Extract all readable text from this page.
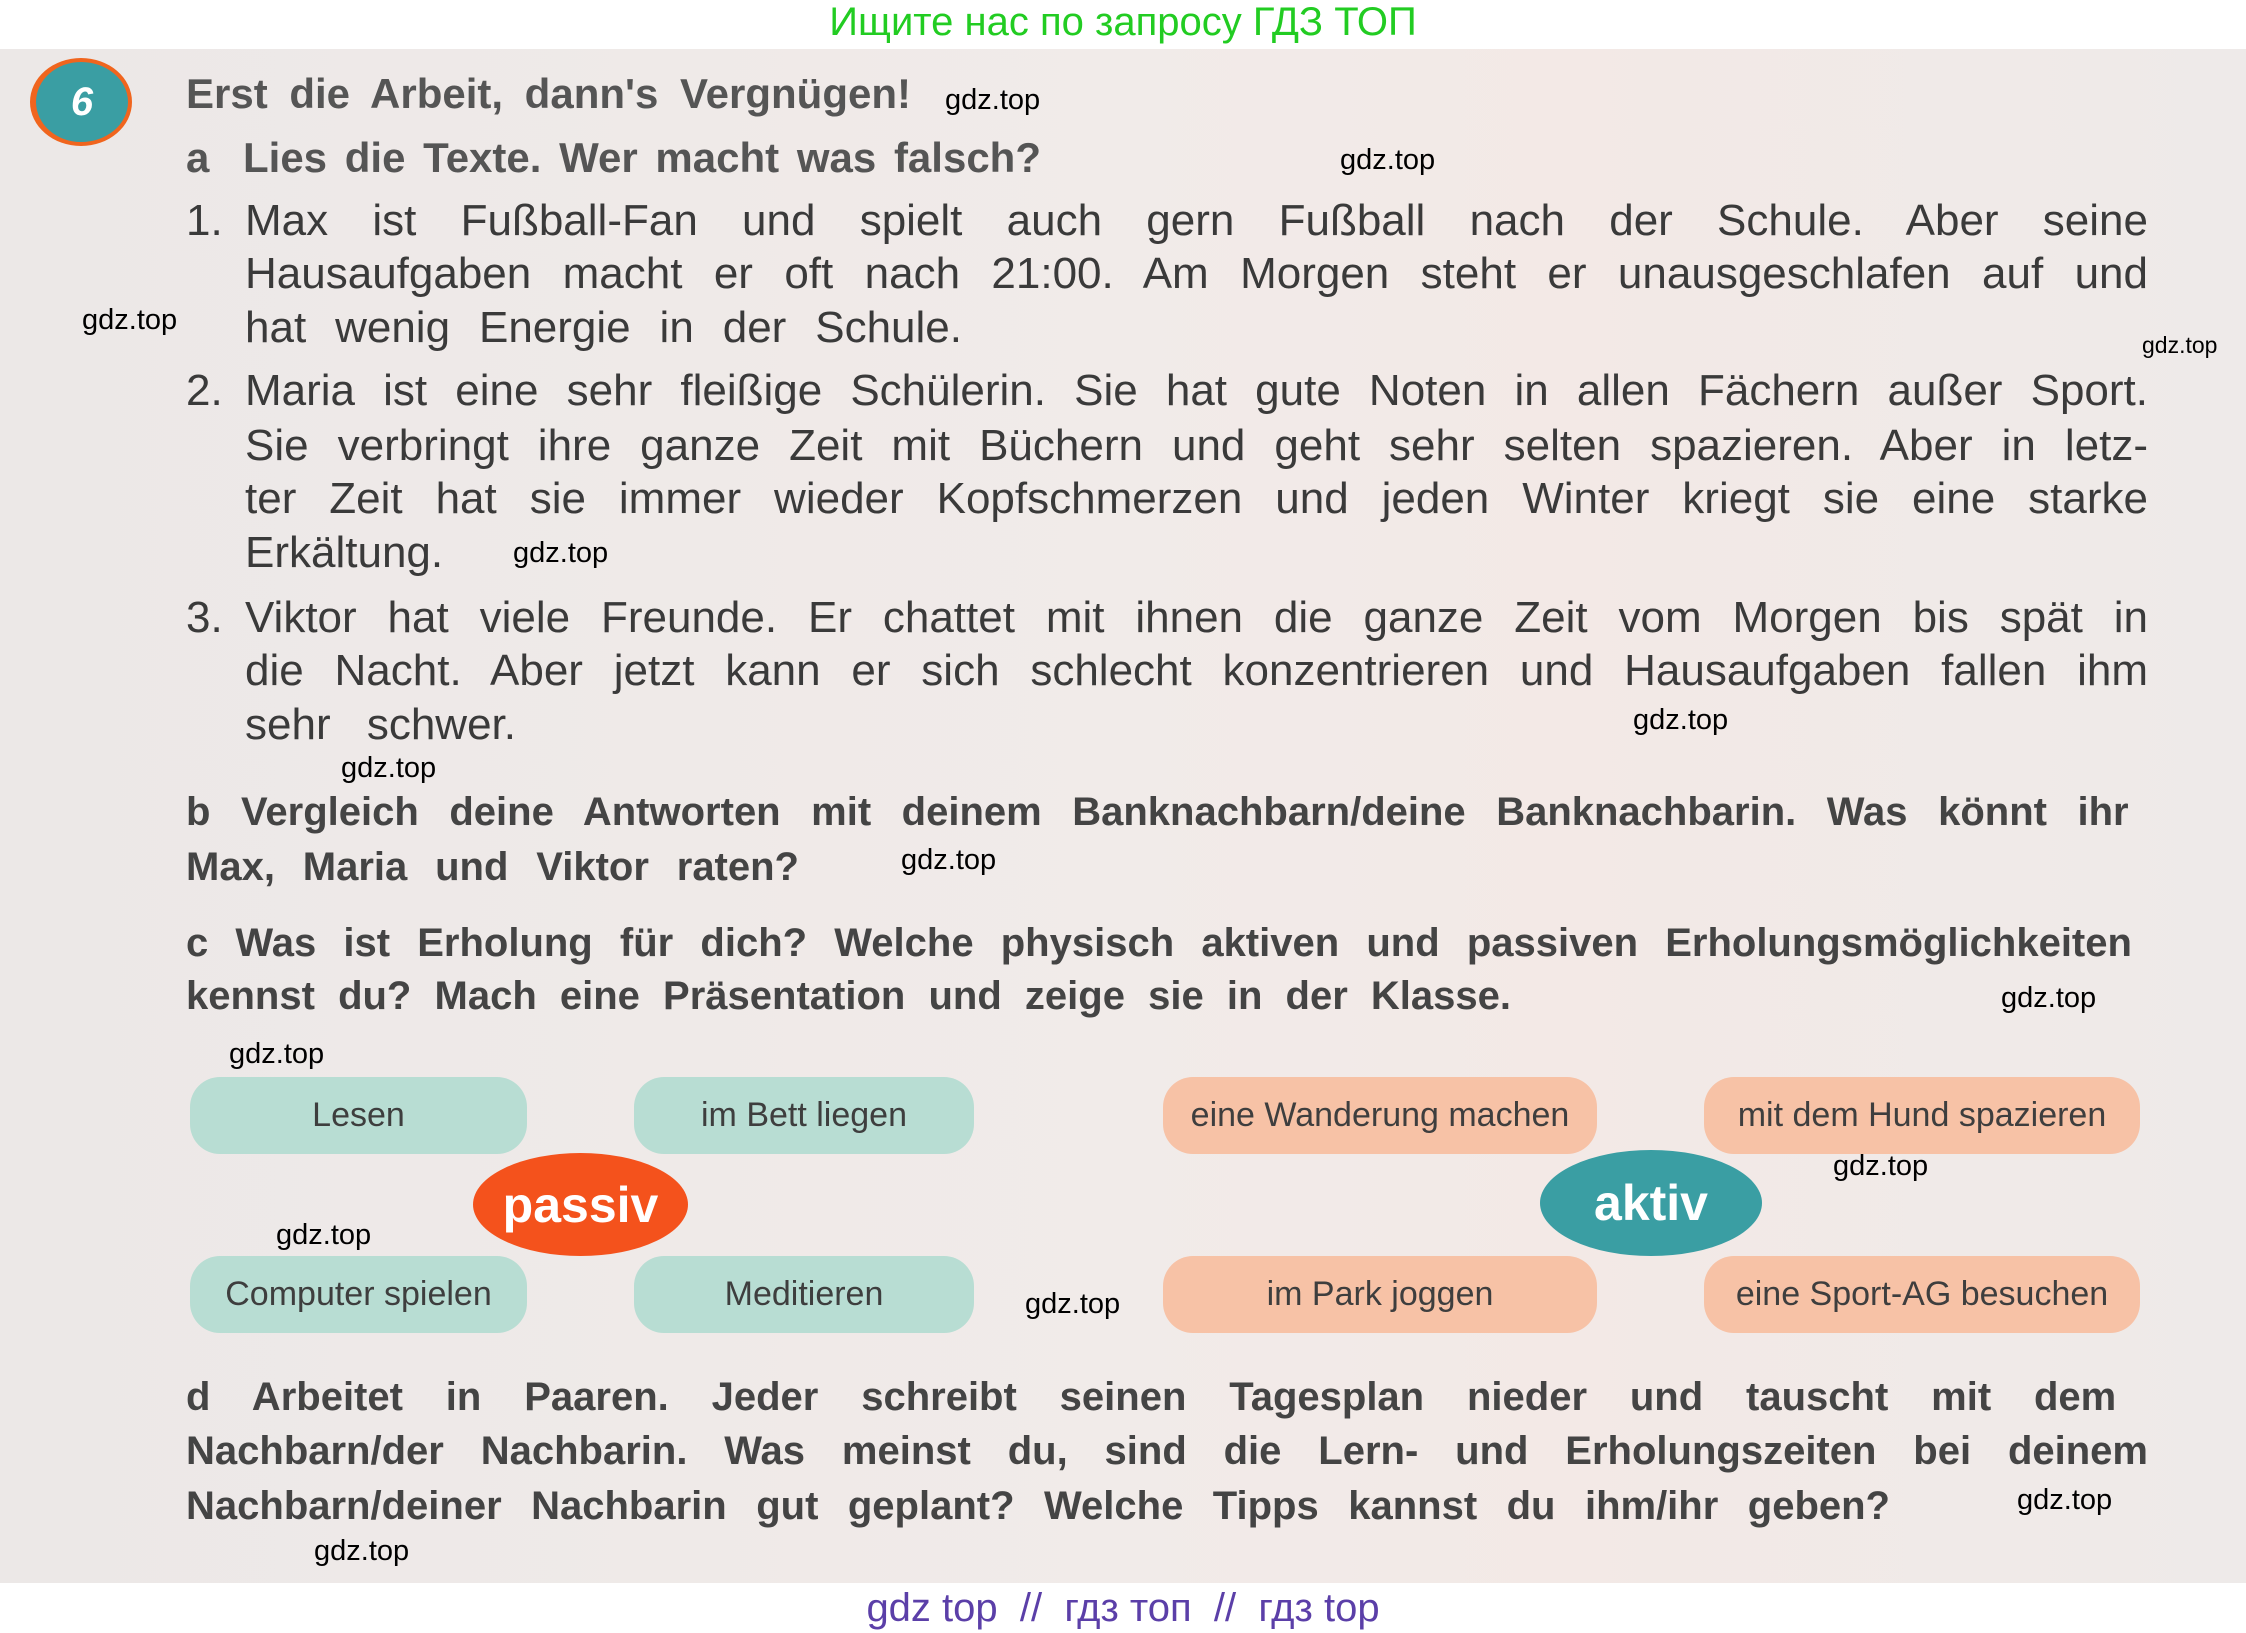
Ищите нас по запросу ГДЗ ТОП
6	Erst die Arbeit, dann's Vergnügen!
a Lies die Texte. Wer macht was falsch?
1. Max ist Fußball-Fan und spielt auch gern Fußball nach der Schule. Aber seine
Hausaufgaben macht er oft nach 21:00. Am Morgen steht er unausgeschlafen auf und
hat wenig Energie in der Schule.
2. Maria ist eine sehr fleißige Schülerin. Sie hat gute Noten in allen Fächern außer Sport.
Sie verbringt ihre ganze Zeit mit Büchern und geht sehr selten spazieren. Aber in letz-
ter Zeit hat sie immer wieder Kopfschmerzen und jeden Winter kriegt sie eine starke
Erkältung.
3. Viktor hat viele Freunde. Er chattet mit ihnen die ganze Zeit vom Morgen bis spät in
die Nacht. Aber jetzt kann er sich schlecht konzentrieren und Hausaufgaben fallen ihm
sehr schwer.
b Vergleich deine Antworten mit deinem Banknachbarn/deine Banknachbarin. Was könnt ihr
Max, Maria und Viktor raten?
c Was ist Erholung für dich? Welche physisch aktiven und passiven Erholungsmöglichkeiten
kennst du? Mach eine Präsentation und zeige sie in der Klasse.
Lesen	im Bett liegen
Computer spielen	Meditieren
passiv
eine Wanderung machen	mit dem Hund spazieren
im Park joggen	eine Sport-AG besuchen
aktiv
d Arbeitet in Paaren. Jeder schreibt seinen Tagesplan nieder und tauscht mit dem
Nachbarn/der Nachbarin. Was meinst du, sind die Lern- und Erholungszeiten bei deinem
Nachbarn/deiner Nachbarin gut geplant? Welche Tipps kannst du ihm/ihr geben?
gdz.top
gdz.top
gdz.top
gdz.top
gdz.top
gdz.top
gdz.top
gdz.top
gdz.top
gdz.top
gdz.top
gdz.top
gdz.top
gdz.top
gdz.top
gdz top  //  гдз топ  //  гдз top
